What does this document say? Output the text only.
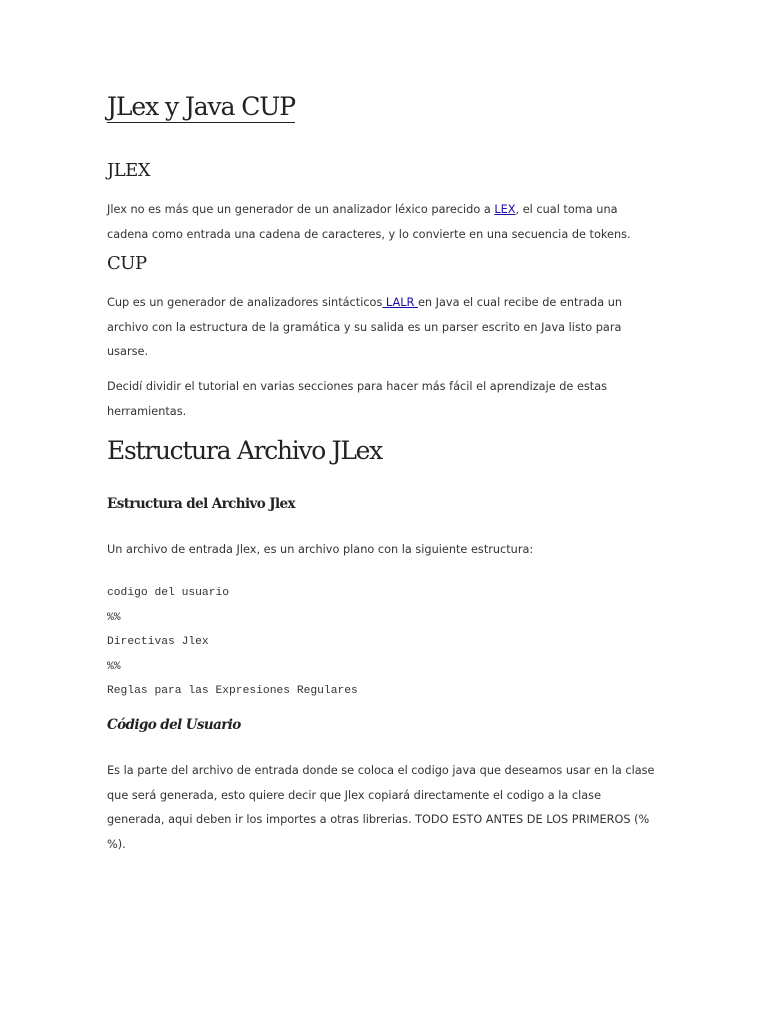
JLex y Java CUP
JLEX
Jlex no es más que un generador de un analizador léxico parecido a LEX, el cual toma una
cadena como entrada una cadena de caracteres, y lo convierte en una secuencia de tokens.
CUP
Cup es un generador de analizadores sintácticos LALR en Java el cual recibe de entrada un
archivo con la estructura de la gramática y su salida es un parser escrito en Java listo para
usarse.
Decidí dividir el tutorial en varias secciones para hacer más fácil el aprendizaje de estas
herramientas.
Estructura Archivo JLex
Estructura del Archivo Jlex
Un archivo de entrada Jlex, es un archivo plano con la siguiente estructura:
codigo del usuario
%%
Directivas Jlex
%%
Reglas para las Expresiones Regulares
Código del Usuario
Es la parte del archivo de entrada donde se coloca el codigo java que deseamos usar en la clase
que será generada, esto quiere decir que Jlex copiará directamente el codigo a la clase
generada, aqui deben ir los importes a otras librerias. TODO ESTO ANTES DE LOS PRIMEROS (%
%).
